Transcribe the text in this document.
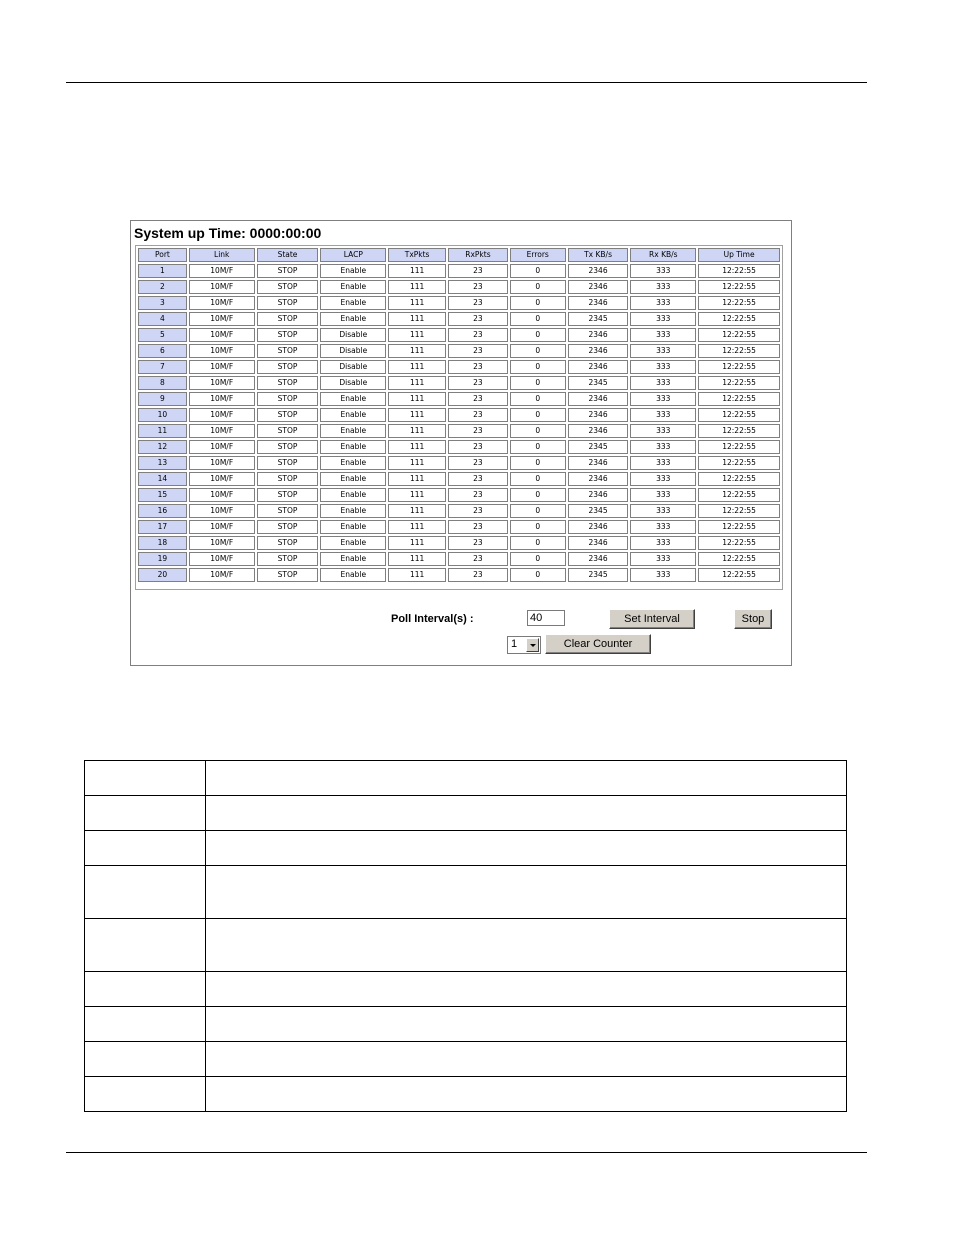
System up Time: 0000:00:00
Port	Link	State	LACP	TxPkts	RxPkts	Errors	Tx KB/s	Rx KB/s	Up Time
1	10M/F	STOP	Enable	111	23	0	2346	333	12:22:55
2	10M/F	STOP	Enable	111	23	0	2346	333	12:22:55
3	10M/F	STOP	Enable	111	23	0	2346	333	12:22:55
4	10M/F	STOP	Enable	111	23	0	2345	333	12:22:55
5	10M/F	STOP	Disable	111	23	0	2346	333	12:22:55
6	10M/F	STOP	Disable	111	23	0	2346	333	12:22:55
7	10M/F	STOP	Disable	111	23	0	2346	333	12:22:55
8	10M/F	STOP	Disable	111	23	0	2345	333	12:22:55
9	10M/F	STOP	Enable	111	23	0	2346	333	12:22:55
10	10M/F	STOP	Enable	111	23	0	2346	333	12:22:55
11	10M/F	STOP	Enable	111	23	0	2346	333	12:22:55
12	10M/F	STOP	Enable	111	23	0	2345	333	12:22:55
13	10M/F	STOP	Enable	111	23	0	2346	333	12:22:55
14	10M/F	STOP	Enable	111	23	0	2346	333	12:22:55
15	10M/F	STOP	Enable	111	23	0	2346	333	12:22:55
16	10M/F	STOP	Enable	111	23	0	2345	333	12:22:55
17	10M/F	STOP	Enable	111	23	0	2346	333	12:22:55
18	10M/F	STOP	Enable	111	23	0	2346	333	12:22:55
19	10M/F	STOP	Enable	111	23	0	2346	333	12:22:55
20	10M/F	STOP	Enable	111	23	0	2345	333	12:22:55
Poll Interval(s) :
40	Set Interval	Stop
1	Clear Counter
